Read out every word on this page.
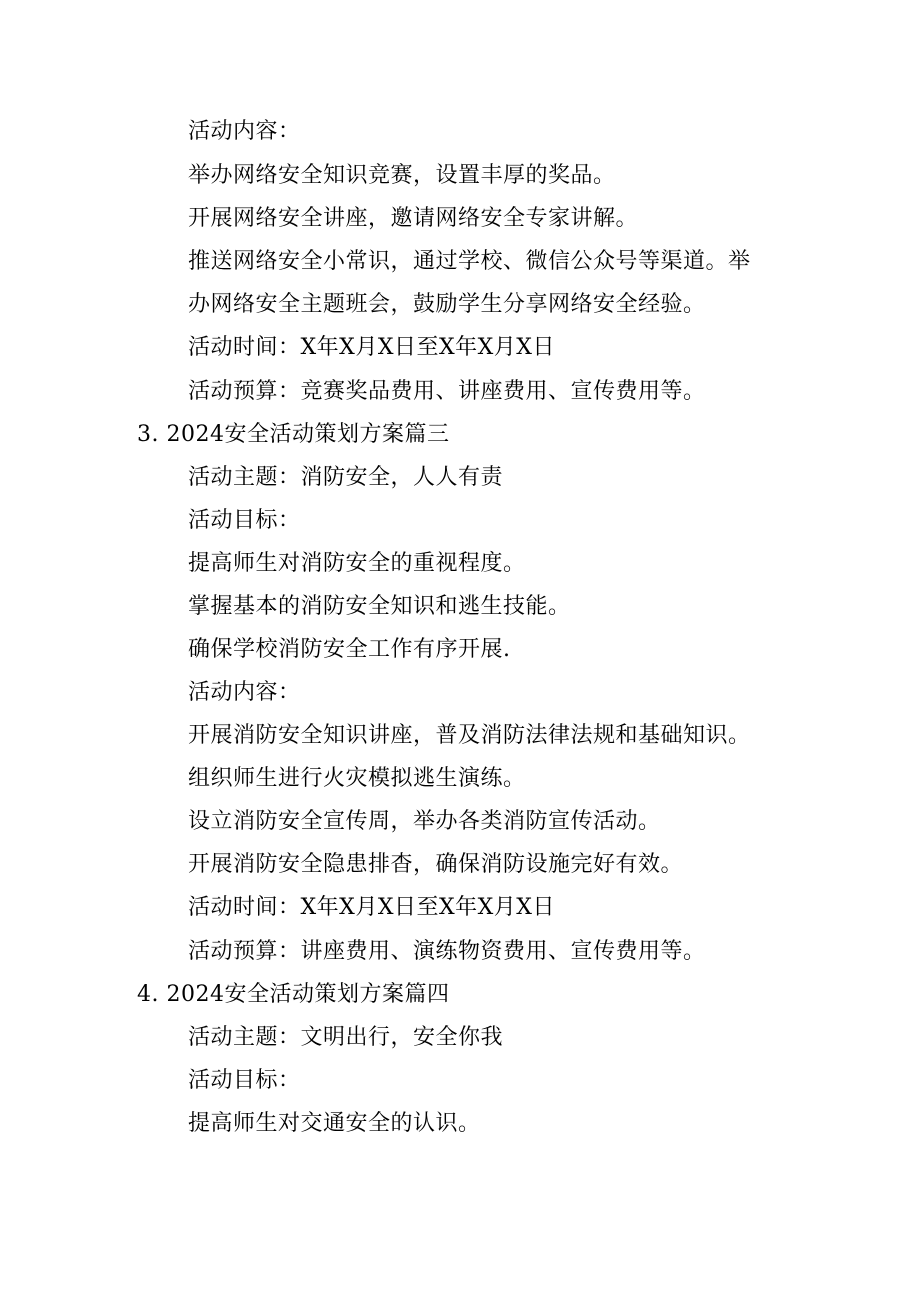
活动内容：
举办网络安全知识竞赛，设置丰厚的奖品。
开展网络安全讲座，邀请网络安全专家讲解。
推送网络安全小常识，通过学校、微信公众号等渠道。举
办网络安全主题班会，鼓励学生分享网络安全经验。
活动时间：X年X月X日至X年X月X日
活动预算：竞赛奖品费用、讲座费用、宣传费用等。
3. 2024安全活动策划方案篇三
活动主题：消防安全，人人有责
活动目标：
提高师生对消防安全的重视程度。
掌握基本的消防安全知识和逃生技能。
确保学校消防安全工作有序开展.
活动内容：
开展消防安全知识讲座，普及消防法律法规和基础知识。
组织师生进行火灾模拟逃生演练。
设立消防安全宣传周，举办各类消防宣传活动。
开展消防安全隐患排杳，确保消防设施完好有效。
活动时间：X年X月X日至X年X月X日
活动预算：讲座费用、演练物资费用、宣传费用等。
4. 2024安全活动策划方案篇四
活动主题：文明出行，安全你我
活动目标：
提高师生对交通安全的认识。
